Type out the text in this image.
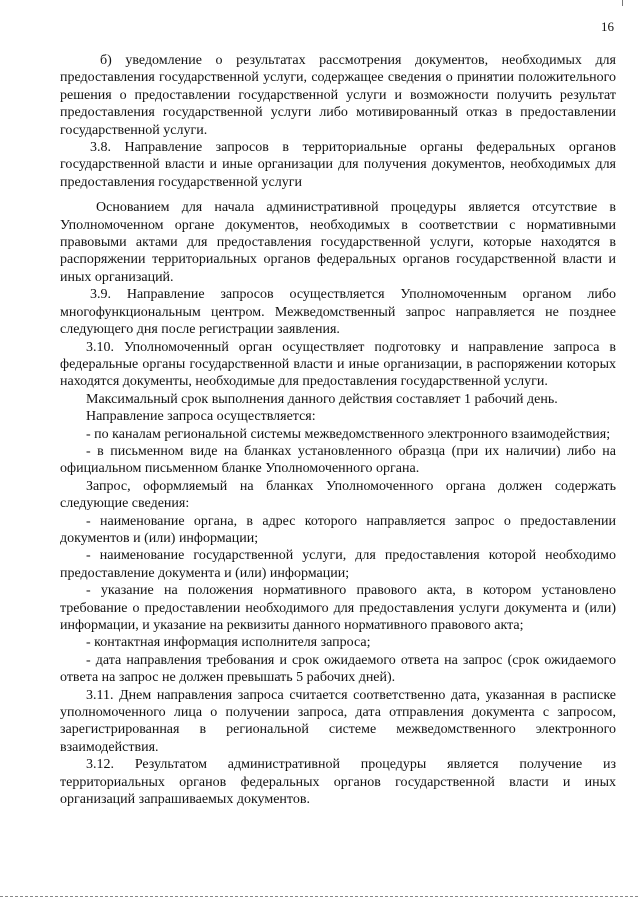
16

б) уведомление о результатах рассмотрения документов, необходимых для предоставления государственной услуги, содержащее сведения о принятии положительного решения о предоставлении государственной услуги и возможности получить результат предоставления государственной услуги либо мотивированный отказ в предоставлении государственной услуги.

3.8. Направление запросов в территориальные органы федеральных органов государственной власти и иные организации для получения документов, необходимых для предоставления государственной услуги

Основанием для начала административной процедуры является отсутствие в Уполномоченном органе документов, необходимых в соответствии с нормативными правовыми актами для предоставления государственной услуги, которые находятся в распоряжении территориальных органов федеральных органов государственной власти и иных организаций.

3.9. Направление запросов осуществляется Уполномоченным органом либо многофункциональным центром. Межведомственный запрос направляется не позднее следующего дня после регистрации заявления.

3.10. Уполномоченный орган осуществляет подготовку и направление запроса в федеральные органы государственной власти и иные организации, в распоряжении которых находятся документы, необходимые для предоставления государственной услуги.

Максимальный срок выполнения данного действия составляет 1 рабочий день.

Направление запроса осуществляется:

- по каналам региональной системы межведомственного электронного взаимодействия;

- в письменном виде на бланках установленного образца (при их наличии) либо на официальном письменном бланке Уполномоченного органа.

Запрос, оформляемый на бланках Уполномоченного органа должен содержать следующие сведения:

- наименование органа, в адрес которого направляется запрос о предоставлении документов и (или) информации;

- наименование государственной услуги, для предоставления которой необходимо предоставление документа и (или) информации;

- указание на положения нормативного правового акта, в котором установлено требование о предоставлении необходимого для предоставления услуги документа и (или) информации, и указание на реквизиты данного нормативного правового акта;

- контактная информация исполнителя запроса;

- дата направления требования и срок ожидаемого ответа на запрос (срок ожидаемого ответа на запрос не должен превышать 5 рабочих дней).

3.11. Днем направления запроса считается соответственно дата, указанная в расписке уполномоченного лица о получении запроса, дата отправления документа с запросом, зарегистрированная в региональной системе межведомственного электронного взаимодействия.

3.12. Результатом административной процедуры является получение из территориальных органов федеральных органов государственной власти и иных организаций запрашиваемых документов.
